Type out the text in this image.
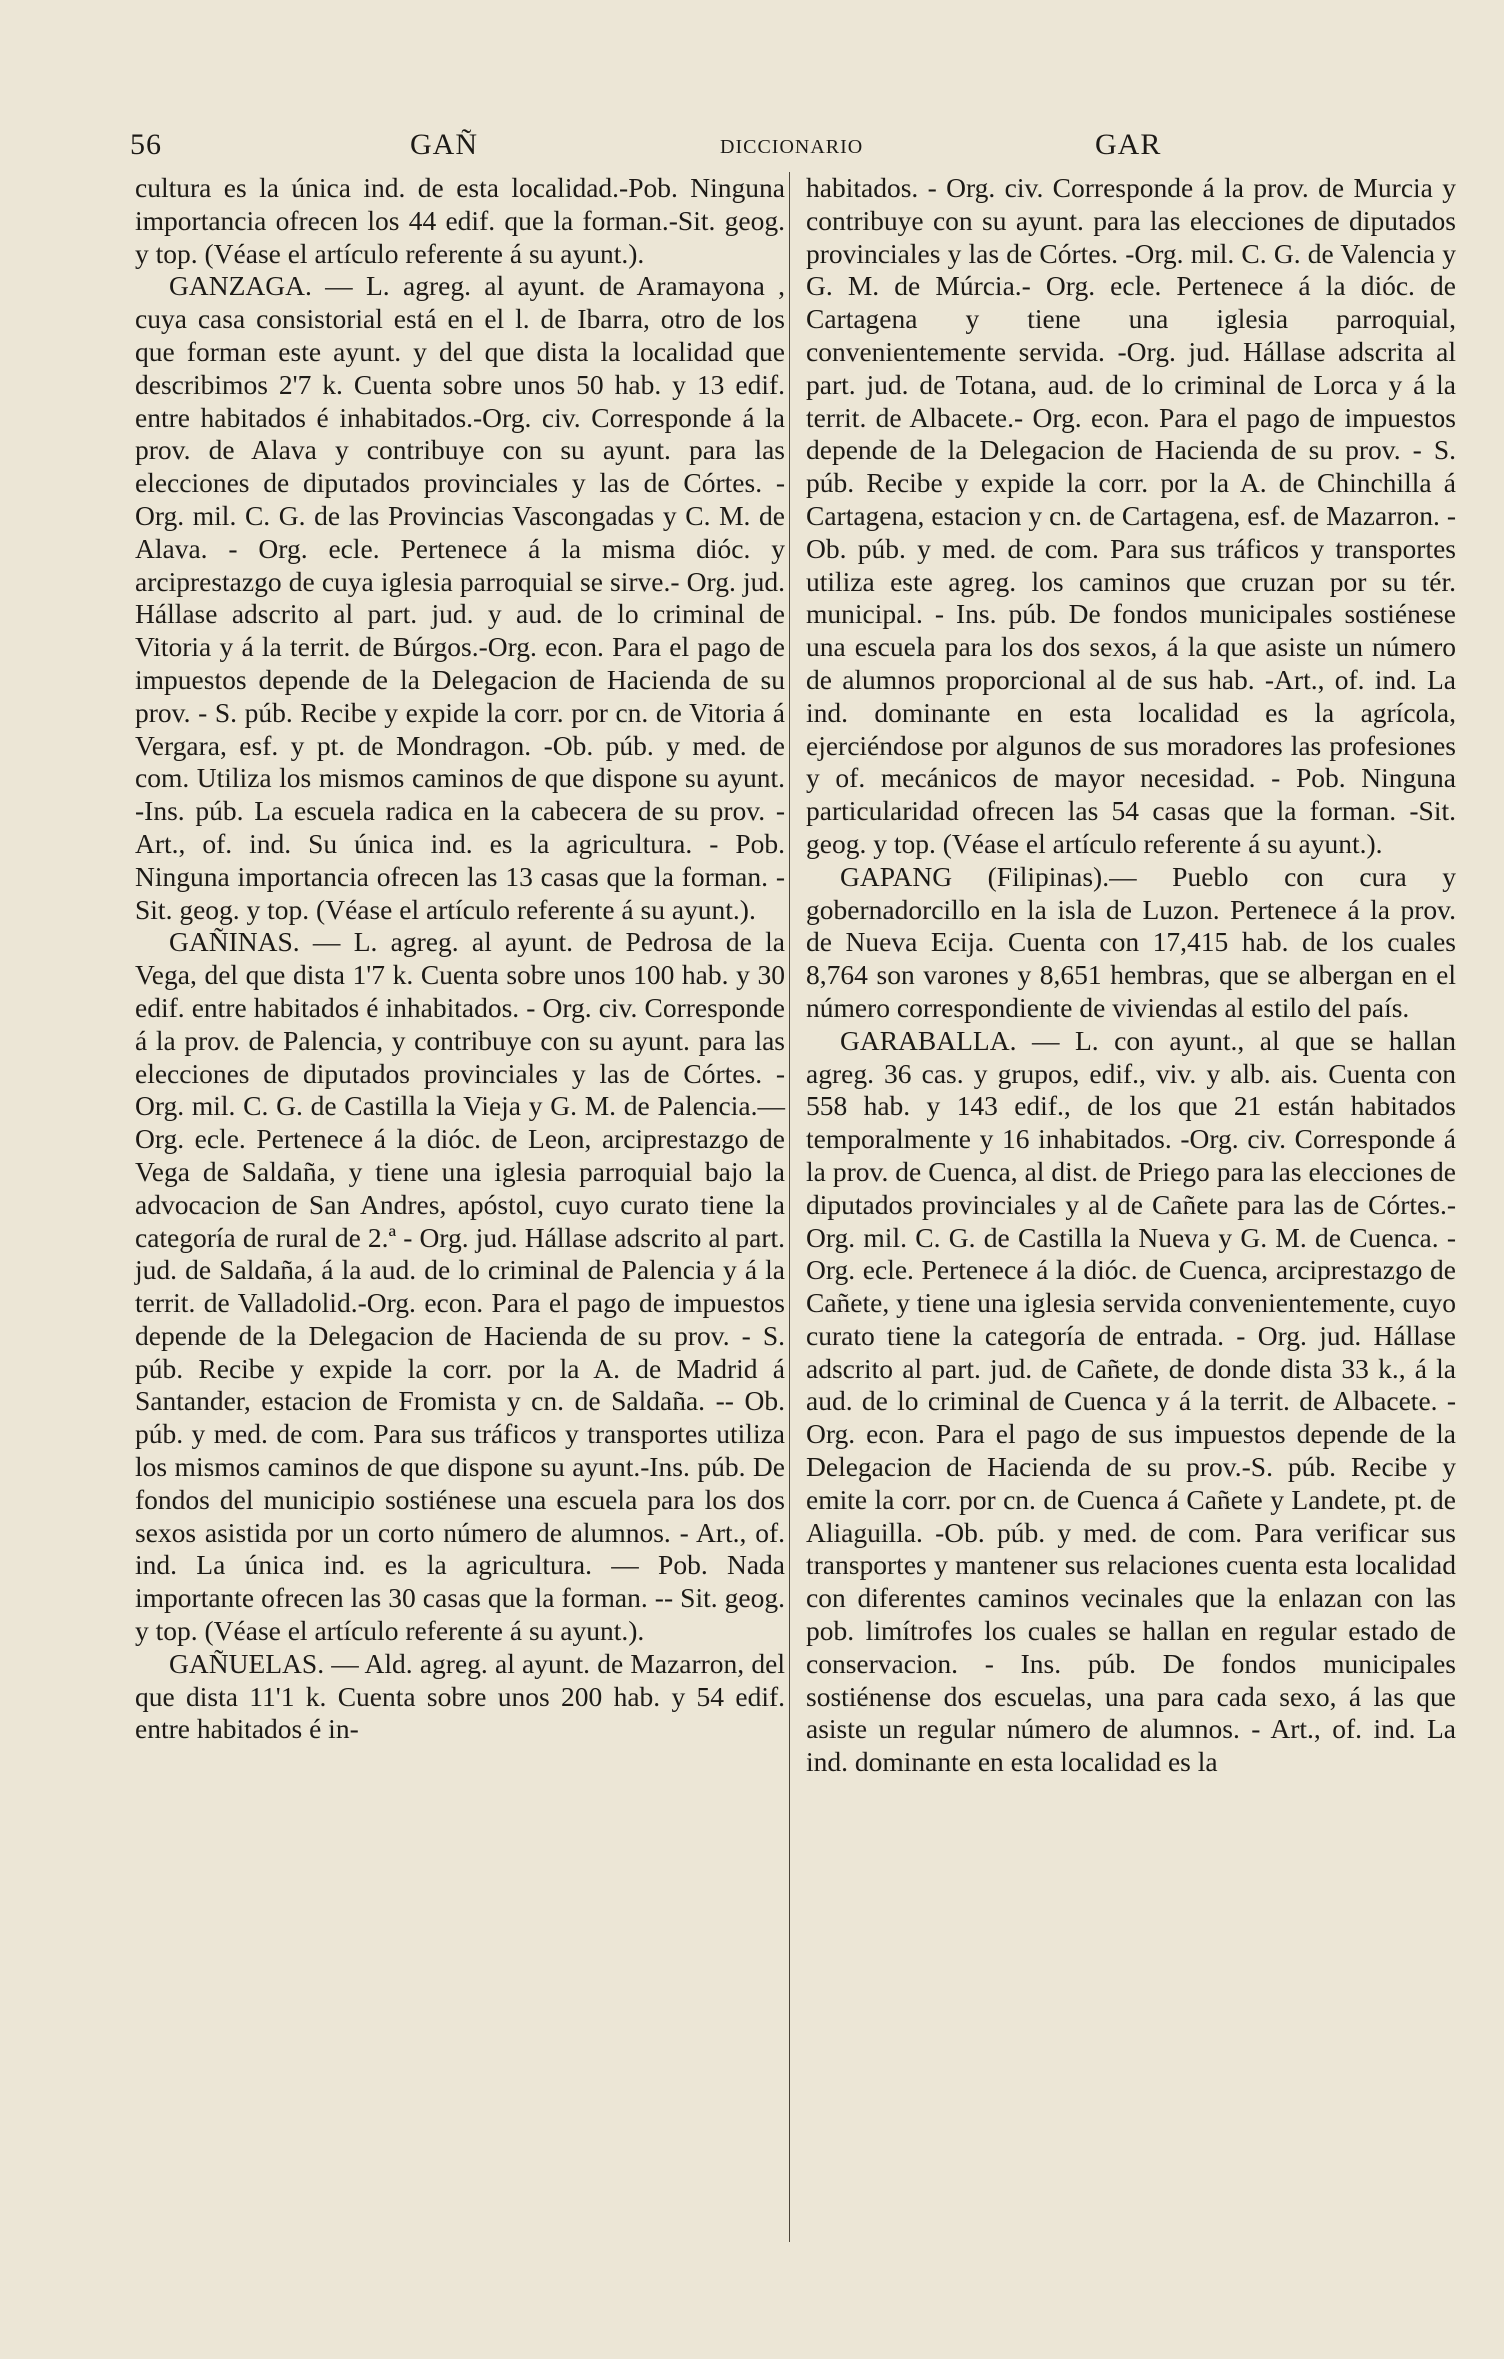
56	GAÑ	DICCIONARIO	GAR

cultura es la única ind. de esta localidad.-Pob. Ninguna importancia ofrecen los 44 edif. que la forman.-Sit. geog. y top. (Véase el artículo referente á su ayunt.).

GANZAGA. — L. agreg. al ayunt. de Aramayona , cuya casa consistorial está en el l. de Ibarra, otro de los que forman este ayunt. y del que dista la localidad que describimos 2'7 k. Cuenta sobre unos 50 hab. y 13 edif. entre habitados é inhabitados.-Org. civ. Corresponde á la prov. de Alava y contribuye con su ayunt. para las elecciones de diputados provinciales y las de Córtes. - Org. mil. C. G. de las Provincias Vascongadas y C. M. de Alava. - Org. ecle. Pertenece á la misma dióc. y arciprestazgo de cuya iglesia parroquial se sirve.- Org. jud. Hállase adscrito al part. jud. y aud. de lo criminal de Vitoria y á la territ. de Búrgos.-Org. econ. Para el pago de impuestos depende de la Delegacion de Hacienda de su prov. - S. púb. Recibe y expide la corr. por cn. de Vitoria á Vergara, esf. y pt. de Mondragon. -Ob. púb. y med. de com. Utiliza los mismos caminos de que dispone su ayunt. -Ins. púb. La escuela radica en la cabecera de su prov. - Art., of. ind. Su única ind. es la agricultura. - Pob. Ninguna importancia ofrecen las 13 casas que la forman. -Sit. geog. y top. (Véase el artículo referente á su ayunt.).

GAÑINAS. — L. agreg. al ayunt. de Pedrosa de la Vega, del que dista 1'7 k. Cuenta sobre unos 100 hab. y 30 edif. entre habitados é inhabitados. - Org. civ. Corresponde á la prov. de Palencia, y contribuye con su ayunt. para las elecciones de diputados provinciales y las de Córtes. - Org. mil. C. G. de Castilla la Vieja y G. M. de Palencia.—Org. ecle. Pertenece á la dióc. de Leon, arciprestazgo de Vega de Saldaña, y tiene una iglesia parroquial bajo la advocacion de San Andres, apóstol, cuyo curato tiene la categoría de rural de 2.ª - Org. jud. Hállase adscrito al part. jud. de Saldaña, á la aud. de lo criminal de Palencia y á la territ. de Valladolid.-Org. econ. Para el pago de impuestos depende de la Delegacion de Hacienda de su prov. - S. púb. Recibe y expide la corr. por la A. de Madrid á Santander, estacion de Fromista y cn. de Saldaña. -- Ob. púb. y med. de com. Para sus tráficos y transportes utiliza los mismos caminos de que dispone su ayunt.-Ins. púb. De fondos del municipio sostiénese una escuela para los dos sexos asistida por un corto número de alumnos. - Art., of. ind. La única ind. es la agricultura. — Pob. Nada importante ofrecen las 30 casas que la forman. -- Sit. geog. y top. (Véase el artículo referente á su ayunt.).

GAÑUELAS. — Ald. agreg. al ayunt. de Mazarron, del que dista 11'1 k. Cuenta sobre unos 200 hab. y 54 edif. entre habitados é in-

habitados. - Org. civ. Corresponde á la prov. de Murcia y contribuye con su ayunt. para las elecciones de diputados provinciales y las de Córtes. -Org. mil. C. G. de Valencia y G. M. de Múrcia.- Org. ecle. Pertenece á la dióc. de Cartagena y tiene una iglesia parroquial, convenientemente servida. -Org. jud. Hállase adscrita al part. jud. de Totana, aud. de lo criminal de Lorca y á la territ. de Albacete.- Org. econ. Para el pago de impuestos depende de la Delegacion de Hacienda de su prov. - S. púb. Recibe y expide la corr. por la A. de Chinchilla á Cartagena, estacion y cn. de Cartagena, esf. de Mazarron. - Ob. púb. y med. de com. Para sus tráficos y transportes utiliza este agreg. los caminos que cruzan por su tér. municipal. - Ins. púb. De fondos municipales sostiénese una escuela para los dos sexos, á la que asiste un número de alumnos proporcional al de sus hab. -Art., of. ind. La ind. dominante en esta localidad es la agrícola, ejerciéndose por algunos de sus moradores las profesiones y of. mecánicos de mayor necesidad. - Pob. Ninguna particularidad ofrecen las 54 casas que la forman. -Sit. geog. y top. (Véase el artículo referente á su ayunt.).

GAPANG (Filipinas).— Pueblo con cura y gobernadorcillo en la isla de Luzon. Pertenece á la prov. de Nueva Ecija. Cuenta con 17,415 hab. de los cuales 8,764 son varones y 8,651 hembras, que se albergan en el número correspondiente de viviendas al estilo del país.

GARABALLA. — L. con ayunt., al que se hallan agreg. 36 cas. y grupos, edif., viv. y alb. ais. Cuenta con 558 hab. y 143 edif., de los que 21 están habitados temporalmente y 16 inhabitados. -Org. civ. Corresponde á la prov. de Cuenca, al dist. de Priego para las elecciones de diputados provinciales y al de Cañete para las de Córtes.-Org. mil. C. G. de Castilla la Nueva y G. M. de Cuenca. - Org. ecle. Pertenece á la dióc. de Cuenca, arciprestazgo de Cañete, y tiene una iglesia servida convenientemente, cuyo curato tiene la categoría de entrada. - Org. jud. Hállase adscrito al part. jud. de Cañete, de donde dista 33 k., á la aud. de lo criminal de Cuenca y á la territ. de Albacete. - Org. econ. Para el pago de sus impuestos depende de la Delegacion de Hacienda de su prov.-S. púb. Recibe y emite la corr. por cn. de Cuenca á Cañete y Landete, pt. de Aliaguilla. -Ob. púb. y med. de com. Para verificar sus transportes y mantener sus relaciones cuenta esta localidad con diferentes caminos vecinales que la enlazan con las pob. limítrofes los cuales se hallan en regular estado de conservacion. - Ins. púb. De fondos municipales sostiénense dos escuelas, una para cada sexo, á las que asiste un regular número de alumnos. - Art., of. ind. La ind. dominante en esta localidad es la
